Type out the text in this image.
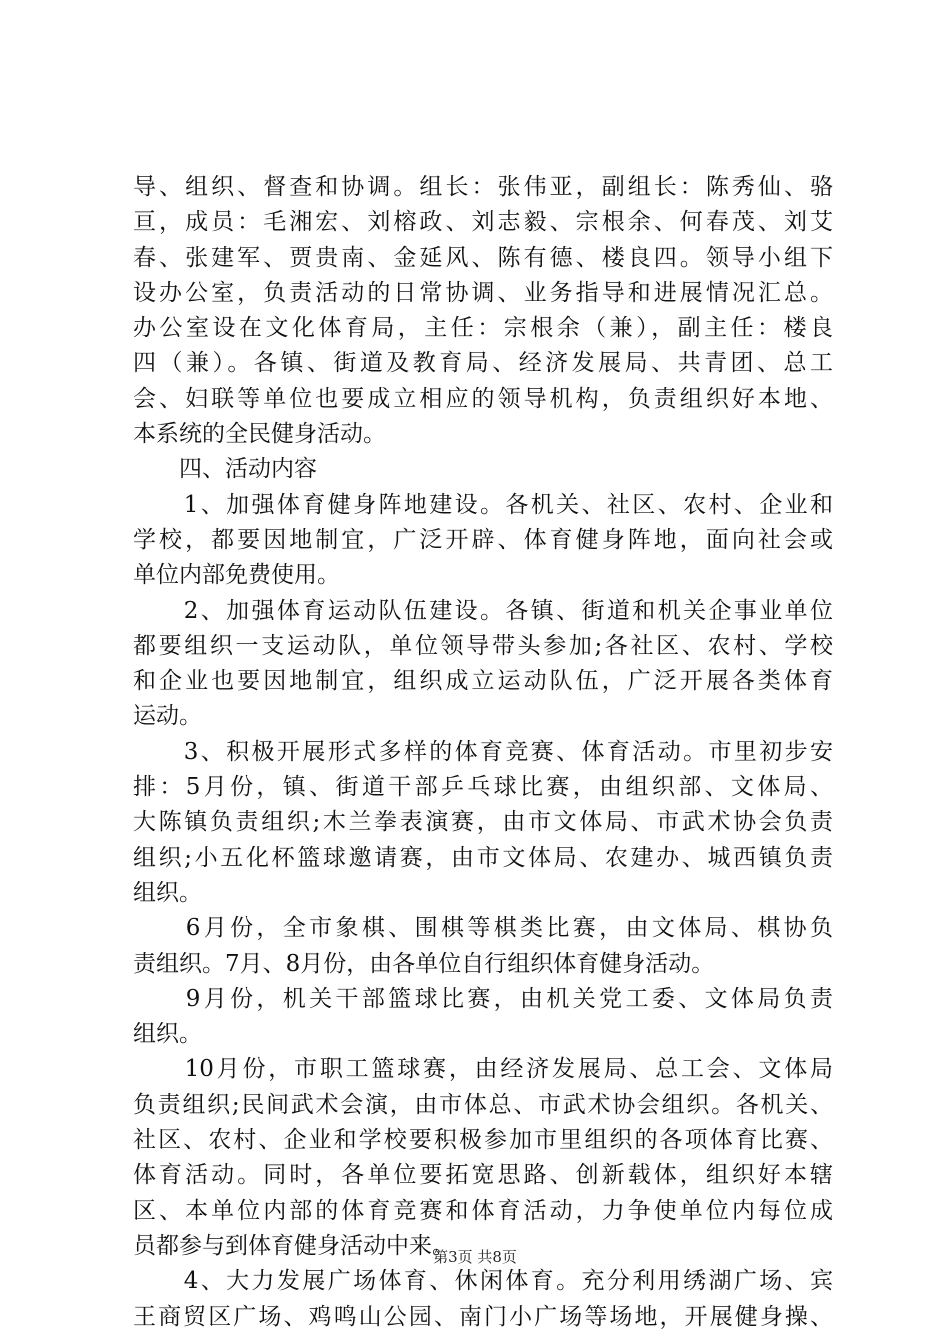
导、组织、督查和协调。组长：张伟亚，副组长：陈秀仙、骆
亘，成员：毛湘宏、刘榕政、刘志毅、宗根余、何春茂、刘艾
春、张建军、贾贵南、金延风、陈有德、楼良四。领导小组下
设办公室，负责活动的日常协调、业务指导和进展情况汇总。
办公室设在文化体育局，主任：宗根余（兼），副主任：楼良
四（兼）。各镇、街道及教育局、经济发展局、共青团、总工
会、妇联等单位也要成立相应的领导机构，负责组织好本地、
本系统的全民健身活动。
　　四、活动内容
　　1、加强体育健身阵地建设。各机关、社区、农村、企业和
学校，都要因地制宜，广泛开辟、体育健身阵地，面向社会或
单位内部免费使用。
　　2、加强体育运动队伍建设。各镇、街道和机关企事业单位
都要组织一支运动队，单位领导带头参加;各社区、农村、学校
和企业也要因地制宜，组织成立运动队伍，广泛开展各类体育
运动。
　　3、积极开展形式多样的体育竞赛、体育活动。市里初步安
排：5月份，镇、街道干部乒乓球比赛，由组织部、文体局、
大陈镇负责组织;木兰拳表演赛，由市文体局、市武术协会负责
组织;小五化杯篮球邀请赛，由市文体局、农建办、城西镇负责
组织。
　　6月份，全市象棋、围棋等棋类比赛，由文体局、棋协负
责组织。7月、8月份，由各单位自行组织体育健身活动。
　　9月份，机关干部篮球比赛，由机关党工委、文体局负责
组织。
　　10月份，市职工篮球赛，由经济发展局、总工会、文体局
负责组织;民间武术会演，由市体总、市武术协会组织。各机关、
社区、农村、企业和学校要积极参加市里组织的各项体育比赛、
体育活动。同时，各单位要拓宽思路、创新载体，组织好本辖
区、本单位内部的体育竞赛和体育活动，力争使单位内每位成
员都参与到体育健身活动中来。
　　4、大力发展广场体育、休闲体育。充分利用绣湖广场、宾
王商贸区广场、鸡鸣山公园、南门小广场等场地，开展健身操、
第3页 共8页
